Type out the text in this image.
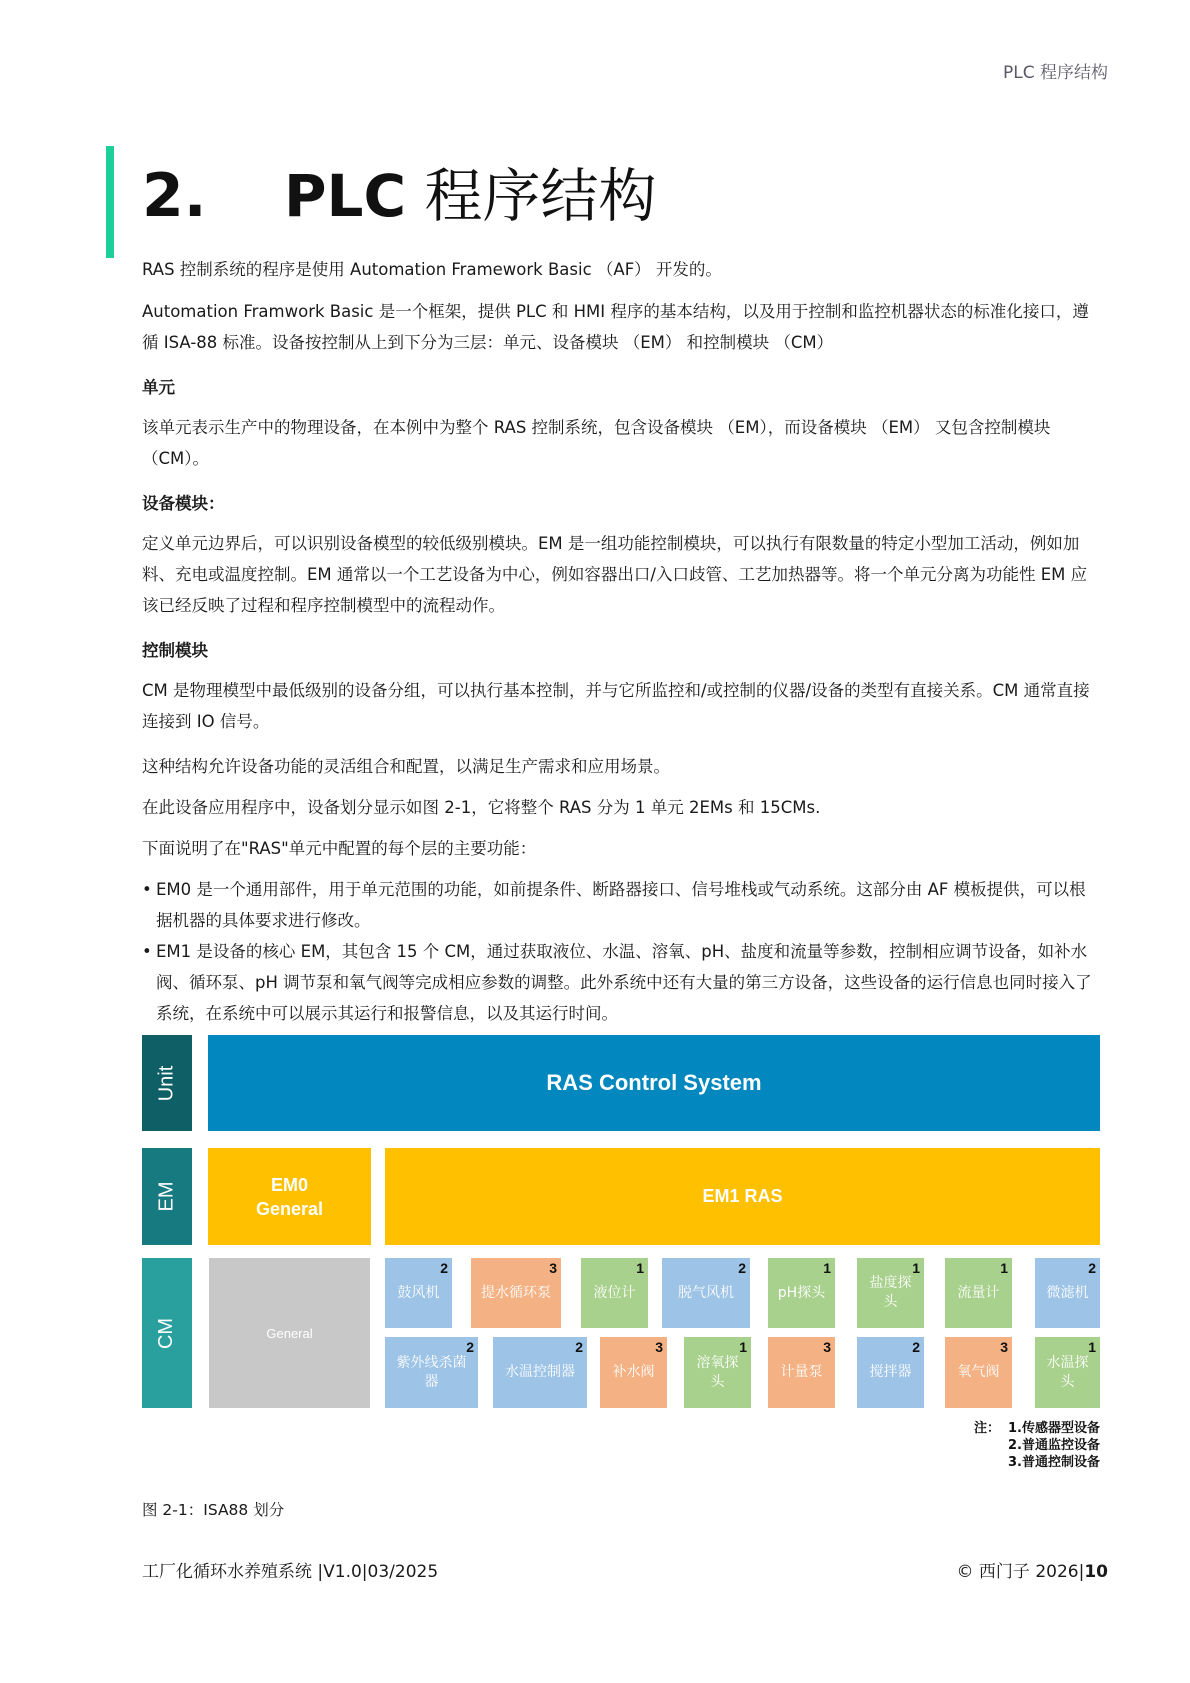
PLC 程序结构
2. PLC 程序结构

RAS 控制系统的程序是使用 Automation Framework Basic （AF） 开发的。

Automation Framwork Basic 是一个框架，提供 PLC 和 HMI 程序的基本结构，以及用于控制和监控机器状态的标准化接口，遵循 ISA-88 标准。设备按控制从上到下分为三层：单元、设备模块 （EM） 和控制模块 （CM）

单元

该单元表示生产中的物理设备，在本例中为整个 RAS 控制系统，包含设备模块 （EM），而设备模块 （EM） 又包含控制模块 （CM）。

设备模块：

定义单元边界后，可以识别设备模型的较低级别模块。EM 是一组功能控制模块，可以执行有限数量的特定小型加工活动，例如加料、充电或温度控制。EM 通常以一个工艺设备为中心，例如容器出口/入口歧管、工艺加热器等。将一个单元分离为功能性 EM 应该已经反映了过程和程序控制模型中的流程动作。

控制模块

CM 是物理模型中最低级别的设备分组，可以执行基本控制，并与它所监控和/或控制的仪器/设备的类型有直接关系。CM 通常直接连接到 IO 信号。

这种结构允许设备功能的灵活组合和配置，以满足生产需求和应用场景。
在此设备应用程序中，设备划分显示如图 2-1，它将整个 RAS 分为 1 单元 2EMs 和 15CMs.
下面说明了在"RAS"单元中配置的每个层的主要功能：

• EM0 是一个通用部件，用于单元范围的功能，如前提条件、断路器接口、信号堆栈或气动系统。这部分由 AF 模板提供，可以根据机器的具体要求进行修改。

• EM1 是设备的核心 EM，其包含 15 个 CM，通过获取液位、水温、溶氧、pH、盐度和流量等参数，控制相应调节设备，如补水阀、循环泵、pH 调节泵和氧气阀等完成相应参数的调整。此外系统中还有大量的第三方设备，这些设备的运行信息也同时接入了系统，在系统中可以展示其运行和报警信息，以及其运行时间。

Unit	RAS Control System
EM	EM0
General
EM1 RAS
CM	General
2
鼓风机
3
提水循环泵
1
液位计
2
脱气风机
1
pH探头
1
盐度探头
1
流量计
2
微滤机
2
紫外线杀菌器
2
水温控制器
3
补水阀
1
溶氧探头
3
计量泵
2
搅拌器
3
氧气阀
1
水温探头
注： 1.传感器型设备
2.普通监控设备
3.普通控制设备
图 2-1：ISA88 划分
工厂化循环水养殖系统 |V1.0|03/2025	© 西门子 2026|10
